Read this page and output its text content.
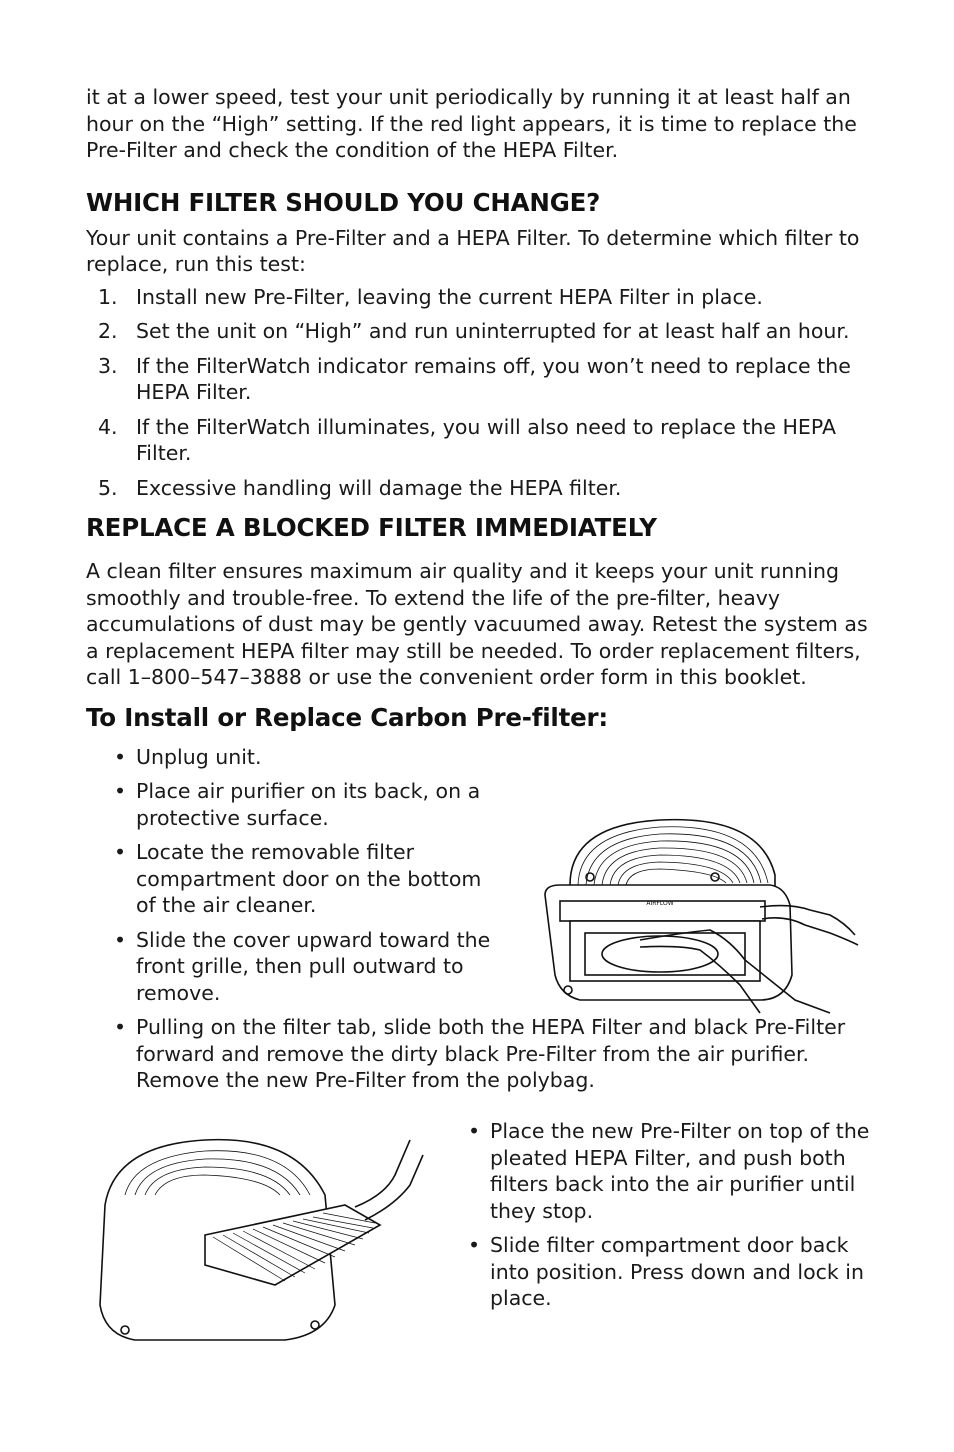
it at a lower speed, test your unit periodically by running it at least half an hour on the “High” setting. If the red light appears, it is time to replace the Pre-Filter and check the condition of the HEPA Filter.

WHICH FILTER SHOULD YOU CHANGE?

Your unit contains a Pre-Filter and a HEPA Filter. To determine which filter to replace, run this test:

1. Install new Pre-Filter, leaving the current HEPA Filter in place.
2. Set the unit on “High” and run uninterrupted for at least half an hour.
3. If the FilterWatch indicator remains off, you won’t need to replace the HEPA Filter.
4. If the FilterWatch illuminates, you will also need to replace the HEPA Filter.
5. Excessive handling will damage the HEPA filter.
REPLACE A BLOCKED FILTER IMMEDIATELY

A clean filter ensures maximum air quality and it keeps your unit running smoothly and trouble-free. To extend the life of the pre-filter, heavy accumulations of dust may be gently vacuumed away. Retest the system as a replacement HEPA filter may still be needed. To order replacement filters, call 1–800–547–3888 or use the convenient order form in this booklet.

To Install or Replace Carbon Pre-filter:
• Unplug unit.
• Place air purifier on its back, on a protective surface.
• Locate the removable filter compartment door on the bottom of the air cleaner.
• Slide the cover upward toward the front grille, then pull outward to remove.
• Pulling on the filter tab, slide both the HEPA Filter and black Pre-Filter forward and remove the dirty black Pre-Filter from the air purifier. Remove the new Pre-Filter from the polybag.
AIRFLOW
• Place the new Pre-Filter on top of the pleated HEPA Filter, and push both filters back into the air purifier until they stop.
• Slide filter compartment door back into position. Press down and lock in place.
